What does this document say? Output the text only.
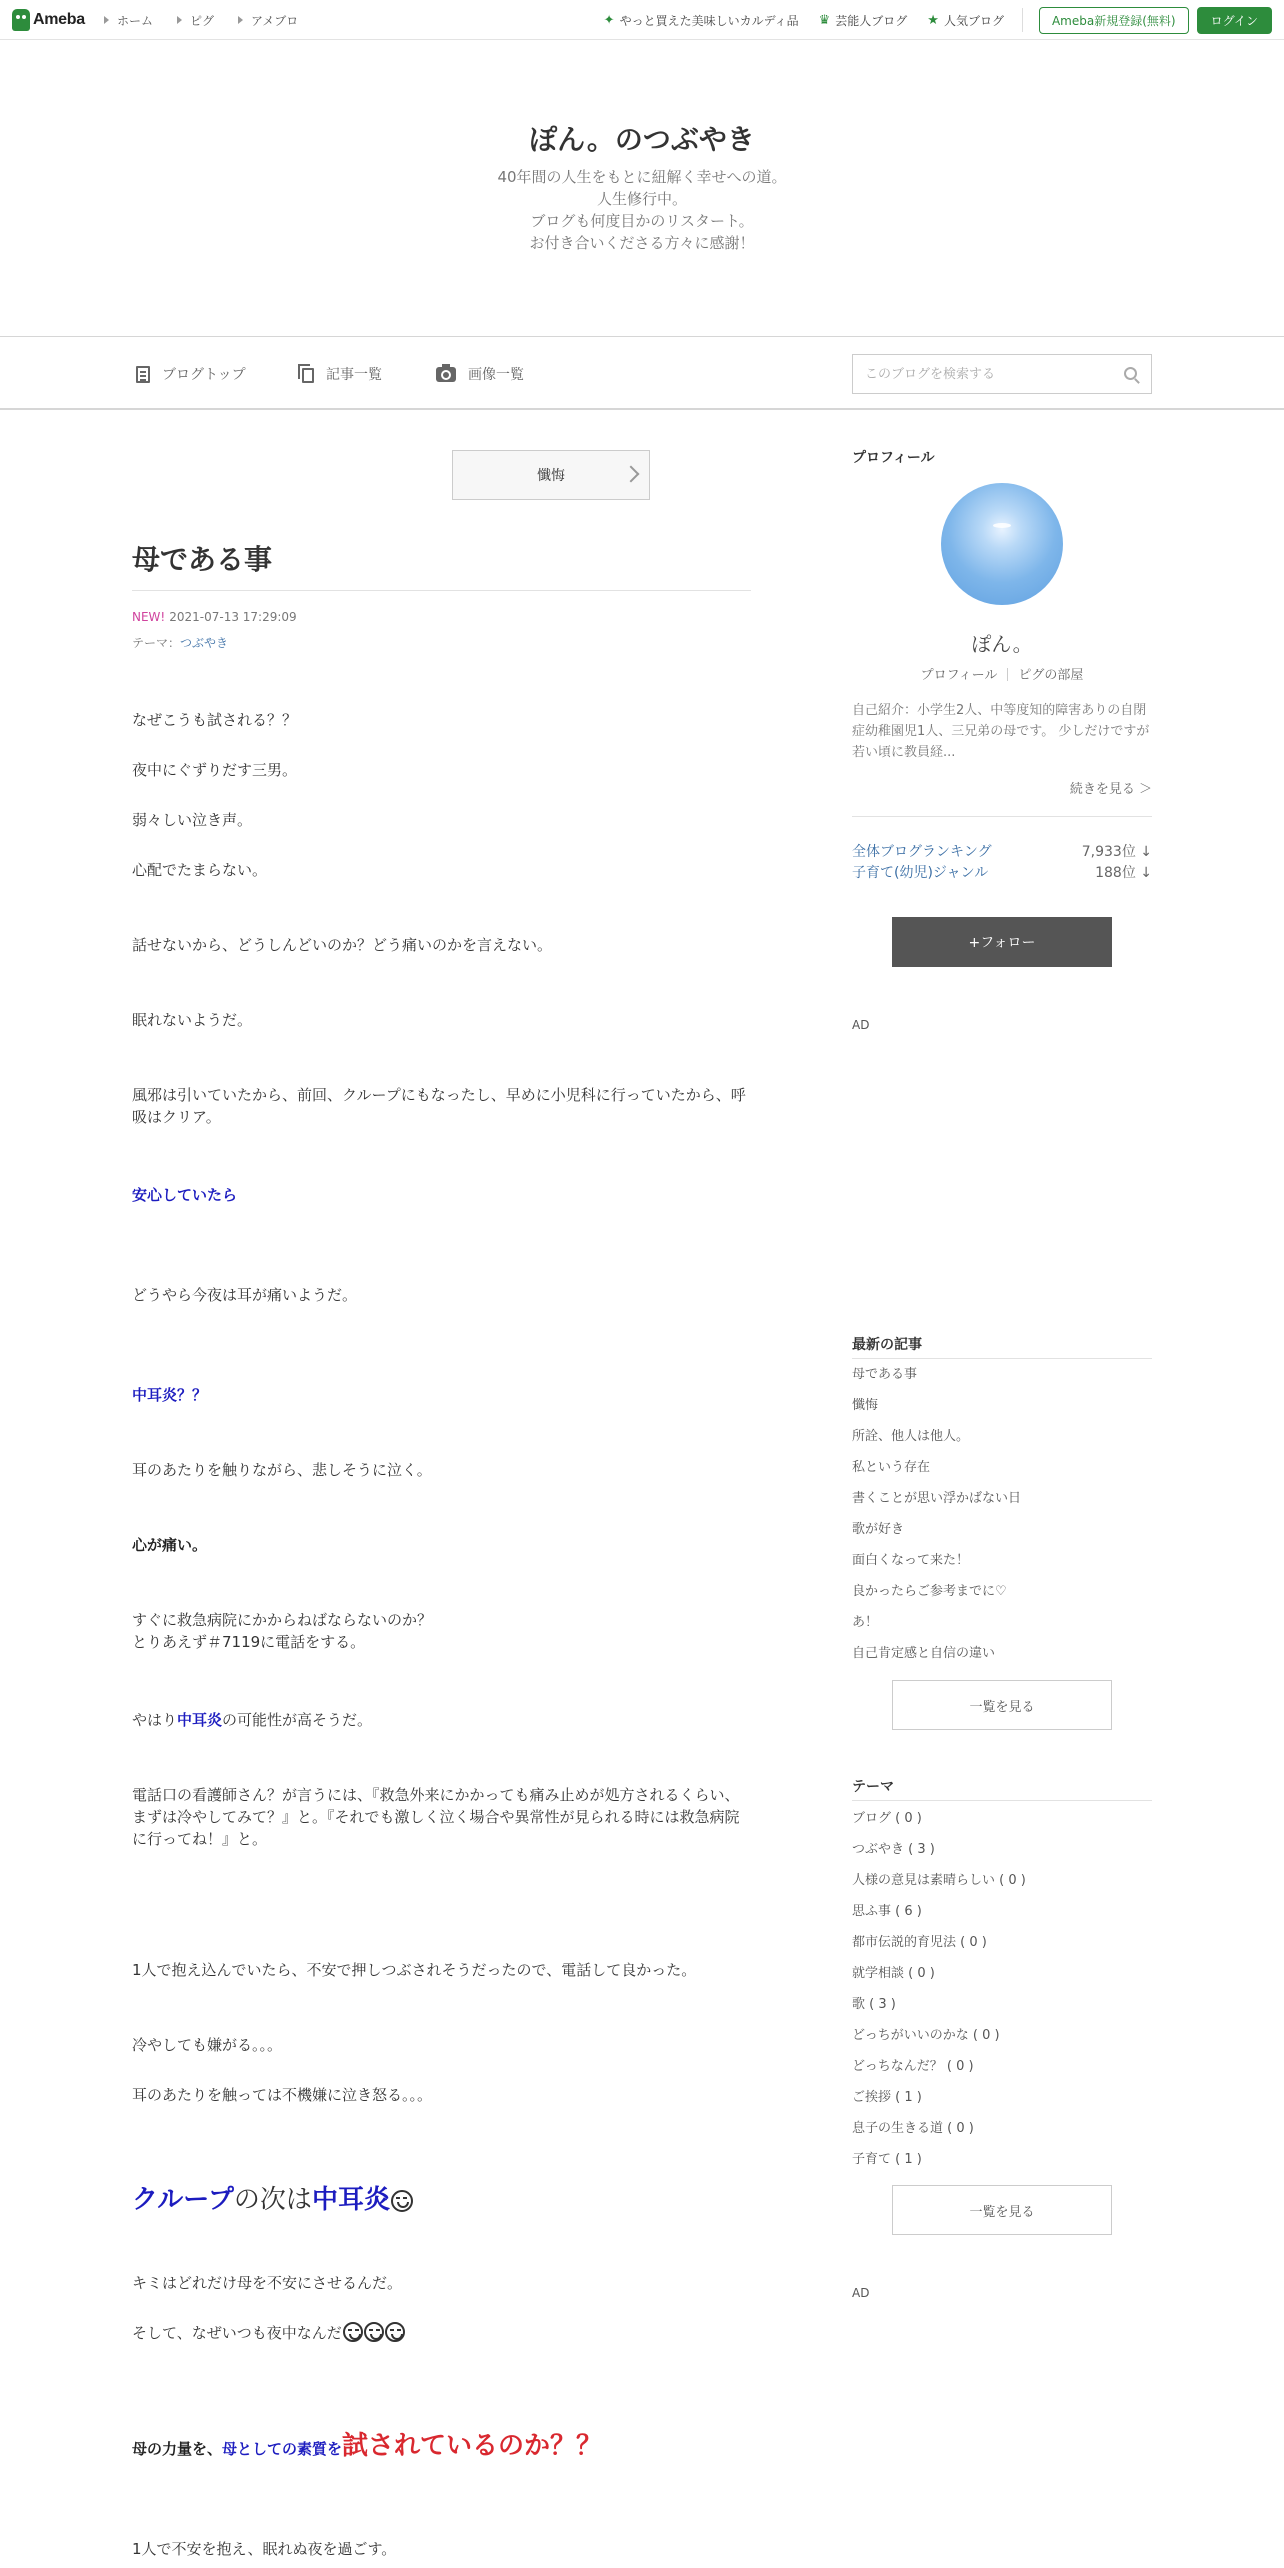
Ameba	ホーム	ピグ	アメブロ	✦ やっと買えた美味しいカルディ品 ♛ 芸能人ブログ ★ 人気ブログ	Ameba新規登録(無料)	ログイン
ぽん。のつぶやき
40年間の人生をもとに紐解く幸せへの道。
人生修行中。
ブログも何度目かのリスタート。
お付き合いくださる方々に感謝！
ブログトップ	記事一覧	画像一覧
このブログを検索する
懺悔
母である事
NEW! 2021-07-13 17:29:09
テーマ：つぶやき
なぜこうも試される？？
夜中にぐずりだす三男。
弱々しい泣き声。
心配でたまらない。
話せないから、どうしんどいのか？どう痛いのかを言えない。
眠れないようだ。
風邪は引いていたから、前回、クループにもなったし、早めに小児科に行っていたから、呼吸はクリア。
安心していたら
どうやら今夜は耳が痛いようだ。
中耳炎？？
耳のあたりを触りながら、悲しそうに泣く。
心が痛い。
すぐに救急病院にかからねばならないのか？
とりあえず＃7119に電話をする。
やはり中耳炎の可能性が高そうだ。
電話口の看護師さん？が言うには、『救急外来にかかっても痛み止めが処方されるくらい、まずは冷やしてみて？』と。『それでも激しく泣く場合や異常性が見られる時には救急病院に行ってね！』と。
1人で抱え込んでいたら、不安で押しつぶされそうだったので、電話して良かった。
冷やしても嫌がる。。。
耳のあたりを触っては不機嫌に泣き怒る。。。
クループの次は中耳炎
キミはどれだけ母を不安にさせるんだ。
そして、なぜいつも夜中なんだ
母の力量を、母としての素質を試されているのか？？
1人で不安を抱え、眠れぬ夜を過ごす。
プロフィール
ぽん。
プロフィール ピグの部屋
自己紹介：小学生2人、中等度知的障害ありの自閉症幼稚園児1人、三兄弟の母です。 少しだけですが若い頃に教員経...
続きを見る ＞
全体ブログランキング	7,933位 ↓
子育て(幼児)ジャンル	188位 ↓
+フォロー
AD
最新の記事
母である事
懺悔
所詮、他人は他人。
私という存在
書くことが思い浮かばない日
歌が好き
面白くなって来た！
良かったらご参考までに♡
あ！
自己肯定感と自信の違い
一覧を見る
テーマ
ブログ ( 0 )
つぶやき ( 3 )
人様の意見は素晴らしい ( 0 )
思ふ事 ( 6 )
都市伝説的育児法 ( 0 )
就学相談 ( 0 )
歌 ( 3 )
どっちがいいのかな ( 0 )
どっちなんだ？ ( 0 )
ご挨拶 ( 1 )
息子の生きる道 ( 0 )
子育て ( 1 )
一覧を見る
AD
